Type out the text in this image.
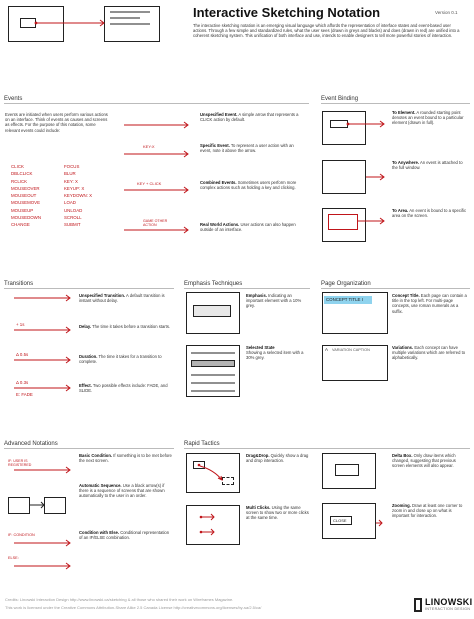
Interactive Sketching Notation	Version 0.1
The interactive sketching notation is an emerging visual language which affords the representation of interface states and event-based user actions. Through a few simple and standardized rules, what the user sees (drawn in greys and blacks) and does (drawn in red) are unified into a coherent sketching system. This unification of both interface and use, intends to enable designers to tell more powerful stories of interaction.
Events
Events are initiated when users perform various actions on an interface. Think of events as causes and screens as effects. For the purpose of this notation, some relevant events could include:
CLICK
DBLCLICK
RCLICK
MOUSEOVER
MOUSEOUT
MOUSEMOVE
MOUSEUP
MOUSEDOWN
CHANGE
FOCUS
BLUR
KEY: X
KEYUP: X
KEYDOWN: X
LOAD
UNLOAD
SCROLL
SUBMIT
KEY:X
KEY + CLICK
GAME OTHER ACTION
Unspecified Event. A simple arrow that represents a CLICK action by default.
Specific Event. To represent a user action with an event, note it above the arrow.
Combined Events. Sometimes users perform more complex actions such as holding a key and clicking.
Real World Actions. User actions can also happen outside of an interface.
Event Binding
To Element. A rounded starting point denotes an event bound to a particular element (drawn in full).
To Anywhere. An event is attached to the full window.
To Area. An event is bound to a specific area on the screen.
Transitions
+ 1s
Δ 0.5s
Δ 0.3s
E: FADE
Unspecified Transition. A default transition is instant without delay.
Delay. The time it takes before a transition starts.
Duration. The time it takes for a transition to complete.
Effect. Two possible effects include: FADE, and SLIDE.
Emphasis Techniques
Emphasis. Indicating an important element with a 10% grey.
Selected State
Showing a selected item with a 30% grey.
Page Organization
CONCEPT TITLE I
A VARIATION CAPTION
Concept Title. Each page can contain a title in the top left. For multi-page concepts, use roman numerals as a suffix.
Variations. Each concept can have multiple variations which are referred to alphabetically.
Advanced Notations
IF: USER IS REGISTERED
IF: CONDITION
ELSE:
Basic Condition. If something is to be met before the next screen.
Automatic Sequence. Use a black arrow(s) if there is a sequence of screens that are shown automatically to the user in an order.
Condition with Else. Conditional representation of an IF/ELSE combination.
Rapid Tactics
Drag&Drop. Quickly show a drag and drop interaction.
Multi Clicks. Using the same screen to show two or more clicks at the same time.
CLOSE
Delta Box. Only draw items which changed, suggesting that previous screen elements will also appear.
Zooming. Draw at least one corner to zoom in and close up on what is important for interaction.
Credits: Linowski Interaction Design http://www.linowski.ca/sketching & all those who shared their work on Wireframes Magazine.
This work is licensed under the Creative Commons Attribution-Share Alike 2.5 Canada License http://creativecommons.org/licenses/by-sa/2.5/ca/
LINOWSKI
INTERACTION DESIGN
